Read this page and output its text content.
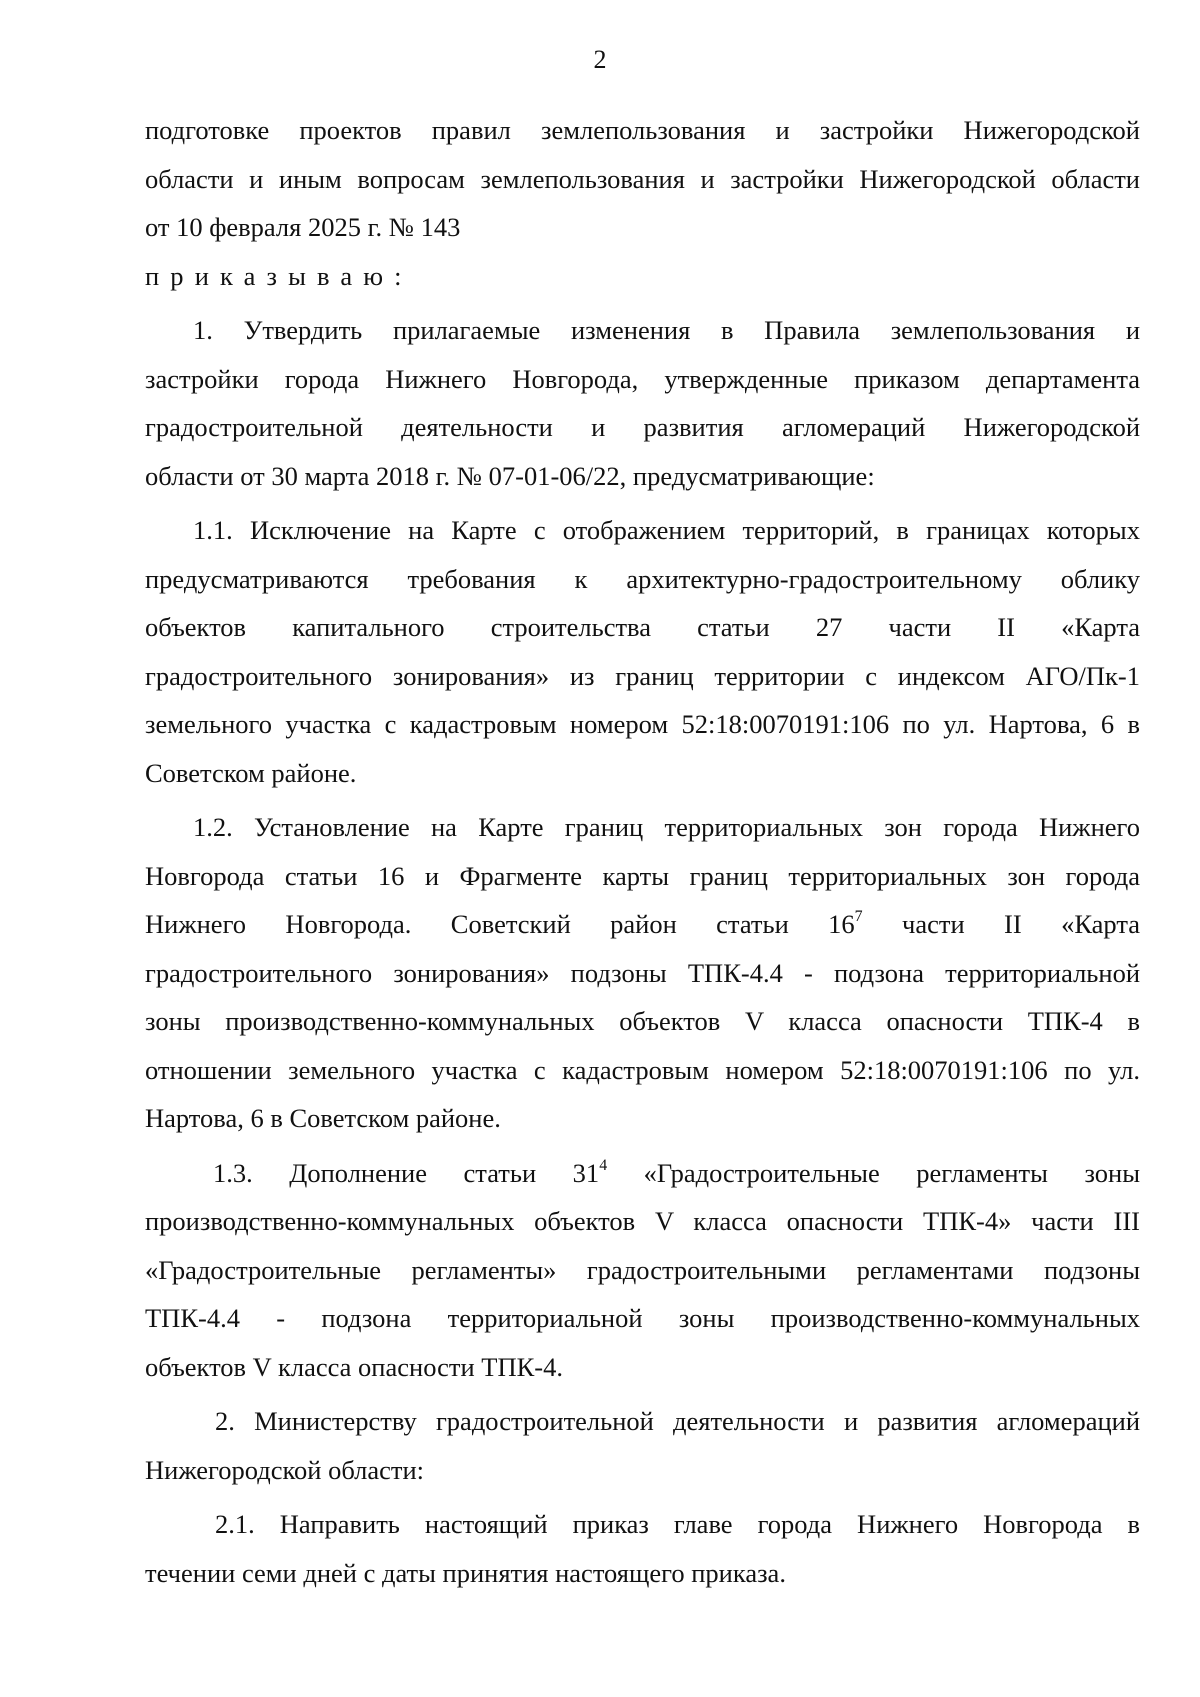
2
подготовке проектов правил землепользования и застройки Нижегородской
области и иным вопросам землепользования и застройки Нижегородской области
от 10 февраля 2025 г. № 143
приказываю:
1. Утвердить прилагаемые изменения в Правила землепользования и
застройки города Нижнего Новгорода, утвержденные приказом департамента
градостроительной деятельности и развития агломераций Нижегородской
области от 30 марта 2018 г. № 07-01-06/22, предусматривающие:
1.1. Исключение на Карте с отображением территорий, в границах которых
предусматриваются требования к архитектурно-градостроительному облику
объектов капитального строительства статьи 27 части II «Карта
градостроительного зонирования» из границ территории с индексом АГО/Пк-1
земельного участка с кадастровым номером 52:18:0070191:106 по ул. Нартова, 6 в
Советском районе.
1.2. Установление на Карте границ территориальных зон города Нижнего
Новгорода статьи 16 и Фрагменте карты границ территориальных зон города
Нижнего Новгорода. Советский район статьи $16^7$ части II «Карта
градостроительного зонирования» подзоны ТПК-4.4 - подзона территориальной
зоны производственно-коммунальных объектов V класса опасности ТПК-4 в
отношении земельного участка с кадастровым номером 52:18:0070191:106 по ул.
Нартова, 6 в Советском районе.
1.3. Дополнение статьи $31^4$ «Градостроительные регламенты зоны
производственно-коммунальных объектов V класса опасности ТПК-4» части III
«Градостроительные регламенты» градостроительными регламентами подзоны
ТПК-4.4 - подзона территориальной зоны производственно-коммунальных
объектов V класса опасности ТПК-4.
2. Министерству градостроительной деятельности и развития агломераций
Нижегородской области:
2.1. Направить настоящий приказ главе города Нижнего Новгорода в
течении семи дней с даты принятия настоящего приказа.
